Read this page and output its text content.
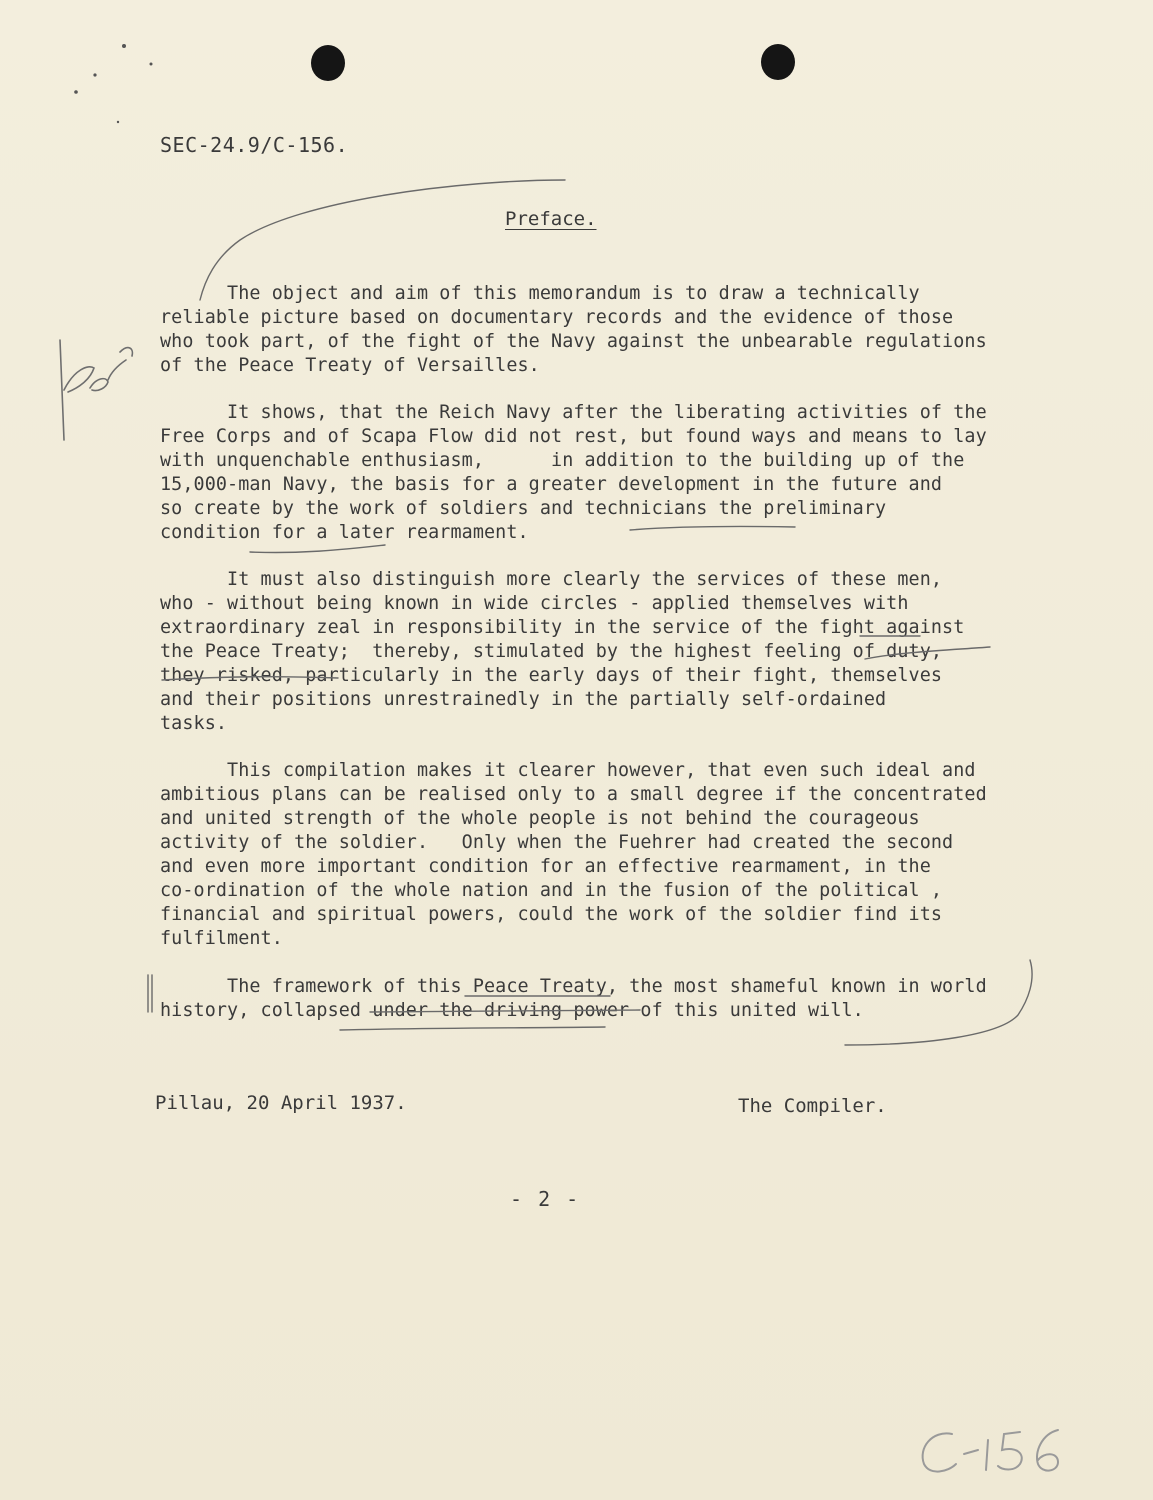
SEC-24.9/C-156.
Preface.
The object and aim of this memorandum is to draw a technically
reliable picture based on documentary records and the evidence of those
who took part, of the fight of the Navy against the unbearable regulations
of the Peace Treaty of Versailles.
It shows, that the Reich Navy after the liberating activities of the
Free Corps and of Scapa Flow did not rest, but found ways and means to lay
with unquenchable enthusiasm,      in addition to the building up of the
15,000-man Navy, the basis for a greater development in the future and
so create by the work of soldiers and technicians the preliminary
condition for a later rearmament.
It must also distinguish more clearly the services of these men,
who - without being known in wide circles - applied themselves with
extraordinary zeal in responsibility in the service of the fight against
the Peace Treaty;  thereby, stimulated by the highest feeling of duty,
they risked, particularly in the early days of their fight, themselves
and their positions unrestrainedly in the partially self-ordained
tasks.
This compilation makes it clearer however, that even such ideal and
ambitious plans can be realised only to a small degree if the concentrated
and united strength of the whole people is not behind the courageous
activity of the soldier.   Only when the Fuehrer had created the second
and even more important condition for an effective rearmament, in the
co-ordination of the whole nation and in the fusion of the political ,
financial and spiritual powers, could the work of the soldier find its
fulfilment.
The framework of this Peace Treaty, the most shameful known in world
history, collapsed under the driving power of this united will.
Pillau, 20 April 1937.	The Compiler.
- 2 -
